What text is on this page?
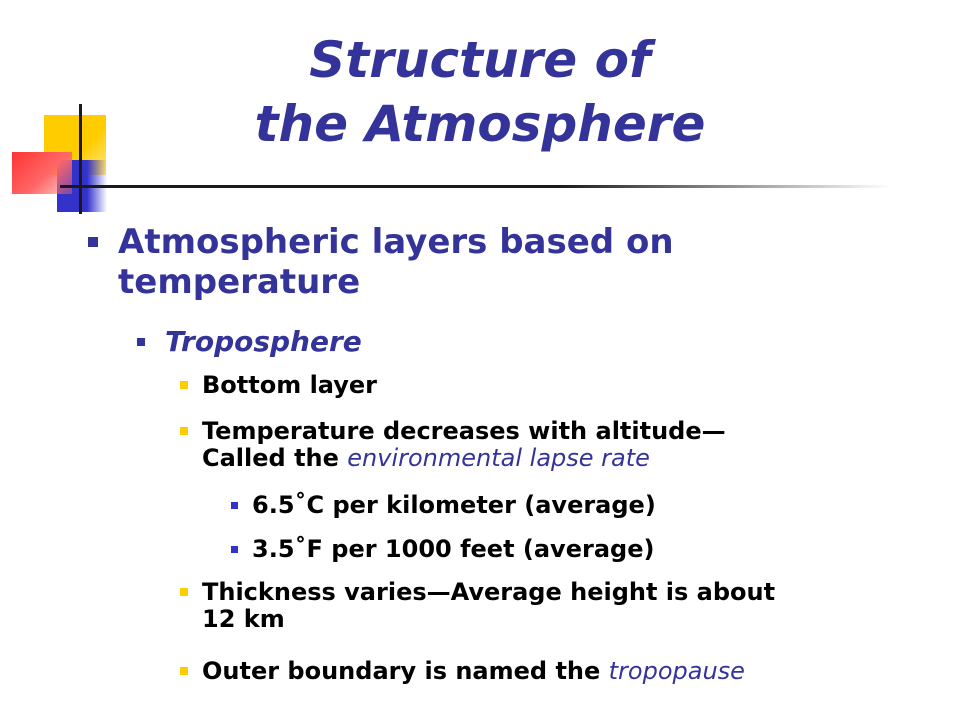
Structure of
the Atmosphere

Atmospheric layers based on
temperature

Troposphere

Bottom layer

Temperature decreases with altitude—
Called the environmental lapse rate

6.5˚C per kilometer (average)

3.5˚F per 1000 feet (average)

Thickness varies—Average height is about
12 km

Outer boundary is named the tropopause
